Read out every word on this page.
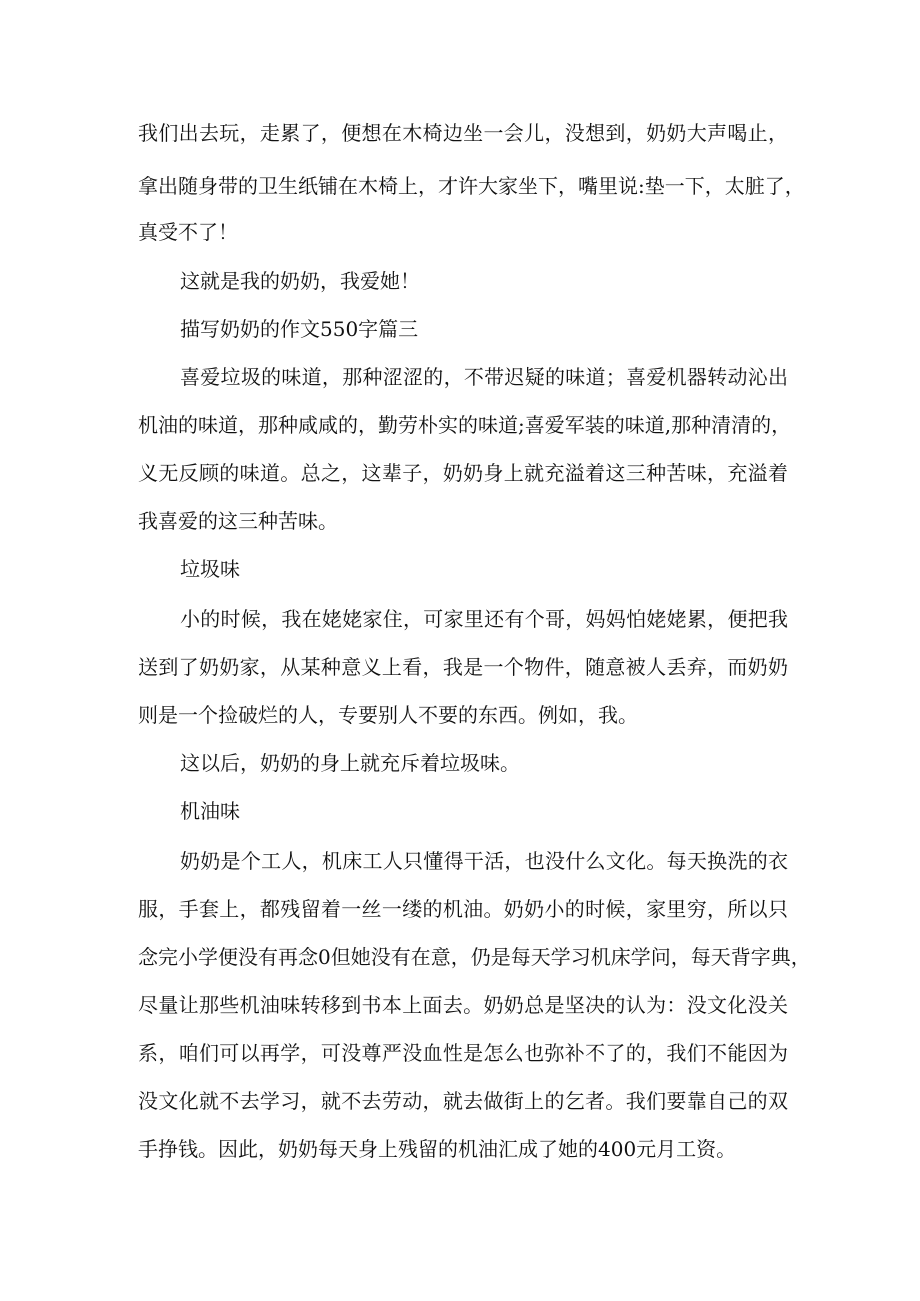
我们出去玩，走累了，便想在木椅边坐一会儿，没想到，奶奶大声喝止，
拿出随身带的卫生纸铺在木椅上，才许大家坐下，嘴里说:垫一下，太脏了，
真受不了！
这就是我的奶奶，我爱她！
描写奶奶的作文550字篇三
喜爱垃圾的味道，那种涩涩的，不带迟疑的味道；喜爱机器转动沁出
机油的味道，那种咸咸的，勤劳朴实的味道;喜爱军装的味道,那种清清的，
义无反顾的味道。总之，这辈子，奶奶身上就充溢着这三种苦味，充溢着
我喜爱的这三种苦味。
垃圾味
小的时候，我在姥姥家住，可家里还有个哥，妈妈怕姥姥累，便把我
送到了奶奶家，从某种意义上看，我是一个物件，随意被人丢弃，而奶奶
则是一个捡破烂的人，专要别人不要的东西。例如，我。
这以后，奶奶的身上就充斥着垃圾味。
机油味
奶奶是个工人，机床工人只懂得干活，也没什么文化。每天换洗的衣
服，手套上，都残留着一丝一缕的机油。奶奶小的时候，家里穷，所以只
念完小学便没有再念0但她没有在意，仍是每天学习机床学问，每天背字典，
尽量让那些机油味转移到书本上面去。奶奶总是坚决的认为：没文化没关
系，咱们可以再学，可没尊严没血性是怎么也弥补不了的，我们不能因为
没文化就不去学习，就不去劳动，就去做街上的乞者。我们要靠自己的双
手挣钱。因此，奶奶每天身上残留的机油汇成了她的400元月工资。
